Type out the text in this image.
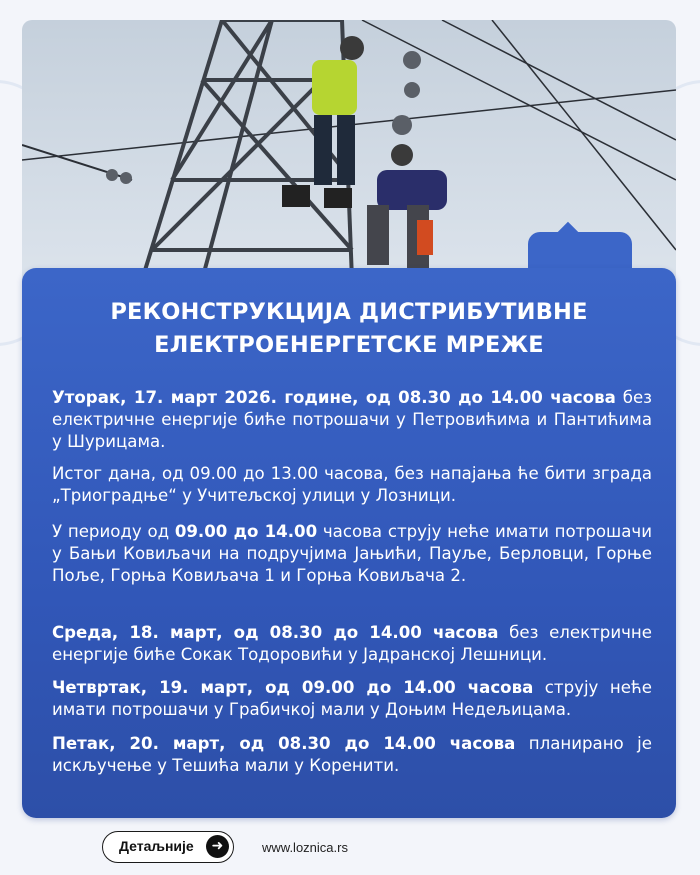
РЕКОНСТРУКЦИЈА ДИСТРИБУТИВНЕ
ЕЛЕКТРОЕНЕРГЕТСКЕ МРЕЖЕ
Уторак, 17. март 2026. године, од 08.30 до 14.00 часова без електричне енергије биће потрошачи у Петровићима и Пантићима у Шурицама.
Истог дана, од 09.00 до 13.00 часова, без напајања ће бити зграда „Триоградње“ у Учитељској улици у Лозници.
У периоду од 09.00 до 14.00 часова струју неће имати потрошачи у Бањи Ковиљачи на подручјима Јањићи, Пауље, Берловци, Горње Поље, Горња Ковиљача 1 и Горња Ковиљача 2.
Среда, 18. март, од 08.30 до 14.00 часова без електричне енергије биће Сокак Тодоровићи у Јадранској Лешници.
Четвртак, 19. март, од 09.00 до 14.00 часова струју неће имати потрошачи у Грабичкој мали у Доњим Недељицама.
Петак, 20. март, од 08.30 до 14.00 часова планирано је искључење у Тешића мали у Коренити.
Детаљније	➜	www.loznica.rs
